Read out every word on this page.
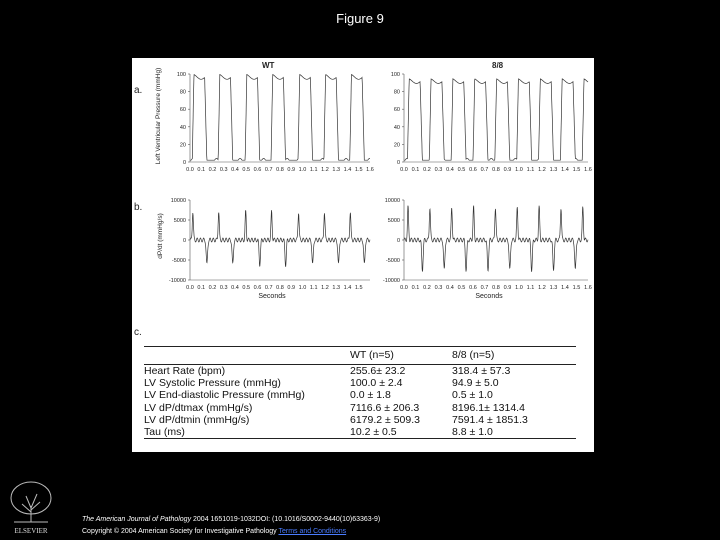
Figure 9
a.
b.
c.
WT	8/8
Left Ventricular Pressure (mmHg)
dP/dt (mmHg/s)
Seconds	Seconds
0
20
40
60
80
100
0.0 0.1 0.2 0.3 0.4 0.5 0.6 0.7 0.8 0.9 1.0 1.1 1.2 1.3 1.4 1.5 1.6
0
20
40
60
80
100
0.0 0.1 0.2 0.3 0.4 0.5 0.6 0.7 0.8 0.9 1.0 1.1 1.2 1.3 1.4 1.5 1.6
10000
5000
0
-5000
-10000
0.0 0.1 0.2 0.3 0.4 0.5 0.6 0.7 0.8 0.9 1.0 1.1 1.2 1.3 1.4 1.5
10000
5000
0
-5000
-10000
0.0 0.1 0.2 0.3 0.4 0.5 0.6 0.7 0.8 0.9 1.0 1.1 1.2 1.3 1.4 1.5 1.6
	WT (n=5)	8/8 (n=5)
Heart Rate (bpm)	255.6± 23.2	318.4 ± 57.3
LV Systolic Pressure (mmHg)	100.0 ± 2.4	94.9 ± 5.0
LV End-diastolic Pressure (mmHg)	0.0 ± 1.8	0.5 ± 1.0
LV dP/dtmax (mmHg/s)	7116.6 ± 206.3	8196.1± 1314.4
LV dP/dtmin (mmHg/s)	6179.2 ± 509.3	7591.4 ± 1851.3
Tau (ms)	10.2 ± 0.5	8.8 ± 1.0
ELSEVIER
The American Journal of Pathology 2004 1651019-1032DOI: (10.1016/S0002-9440(10)63363-9)
Copyright © 2004 American Society for Investigative Pathology Terms and Conditions
